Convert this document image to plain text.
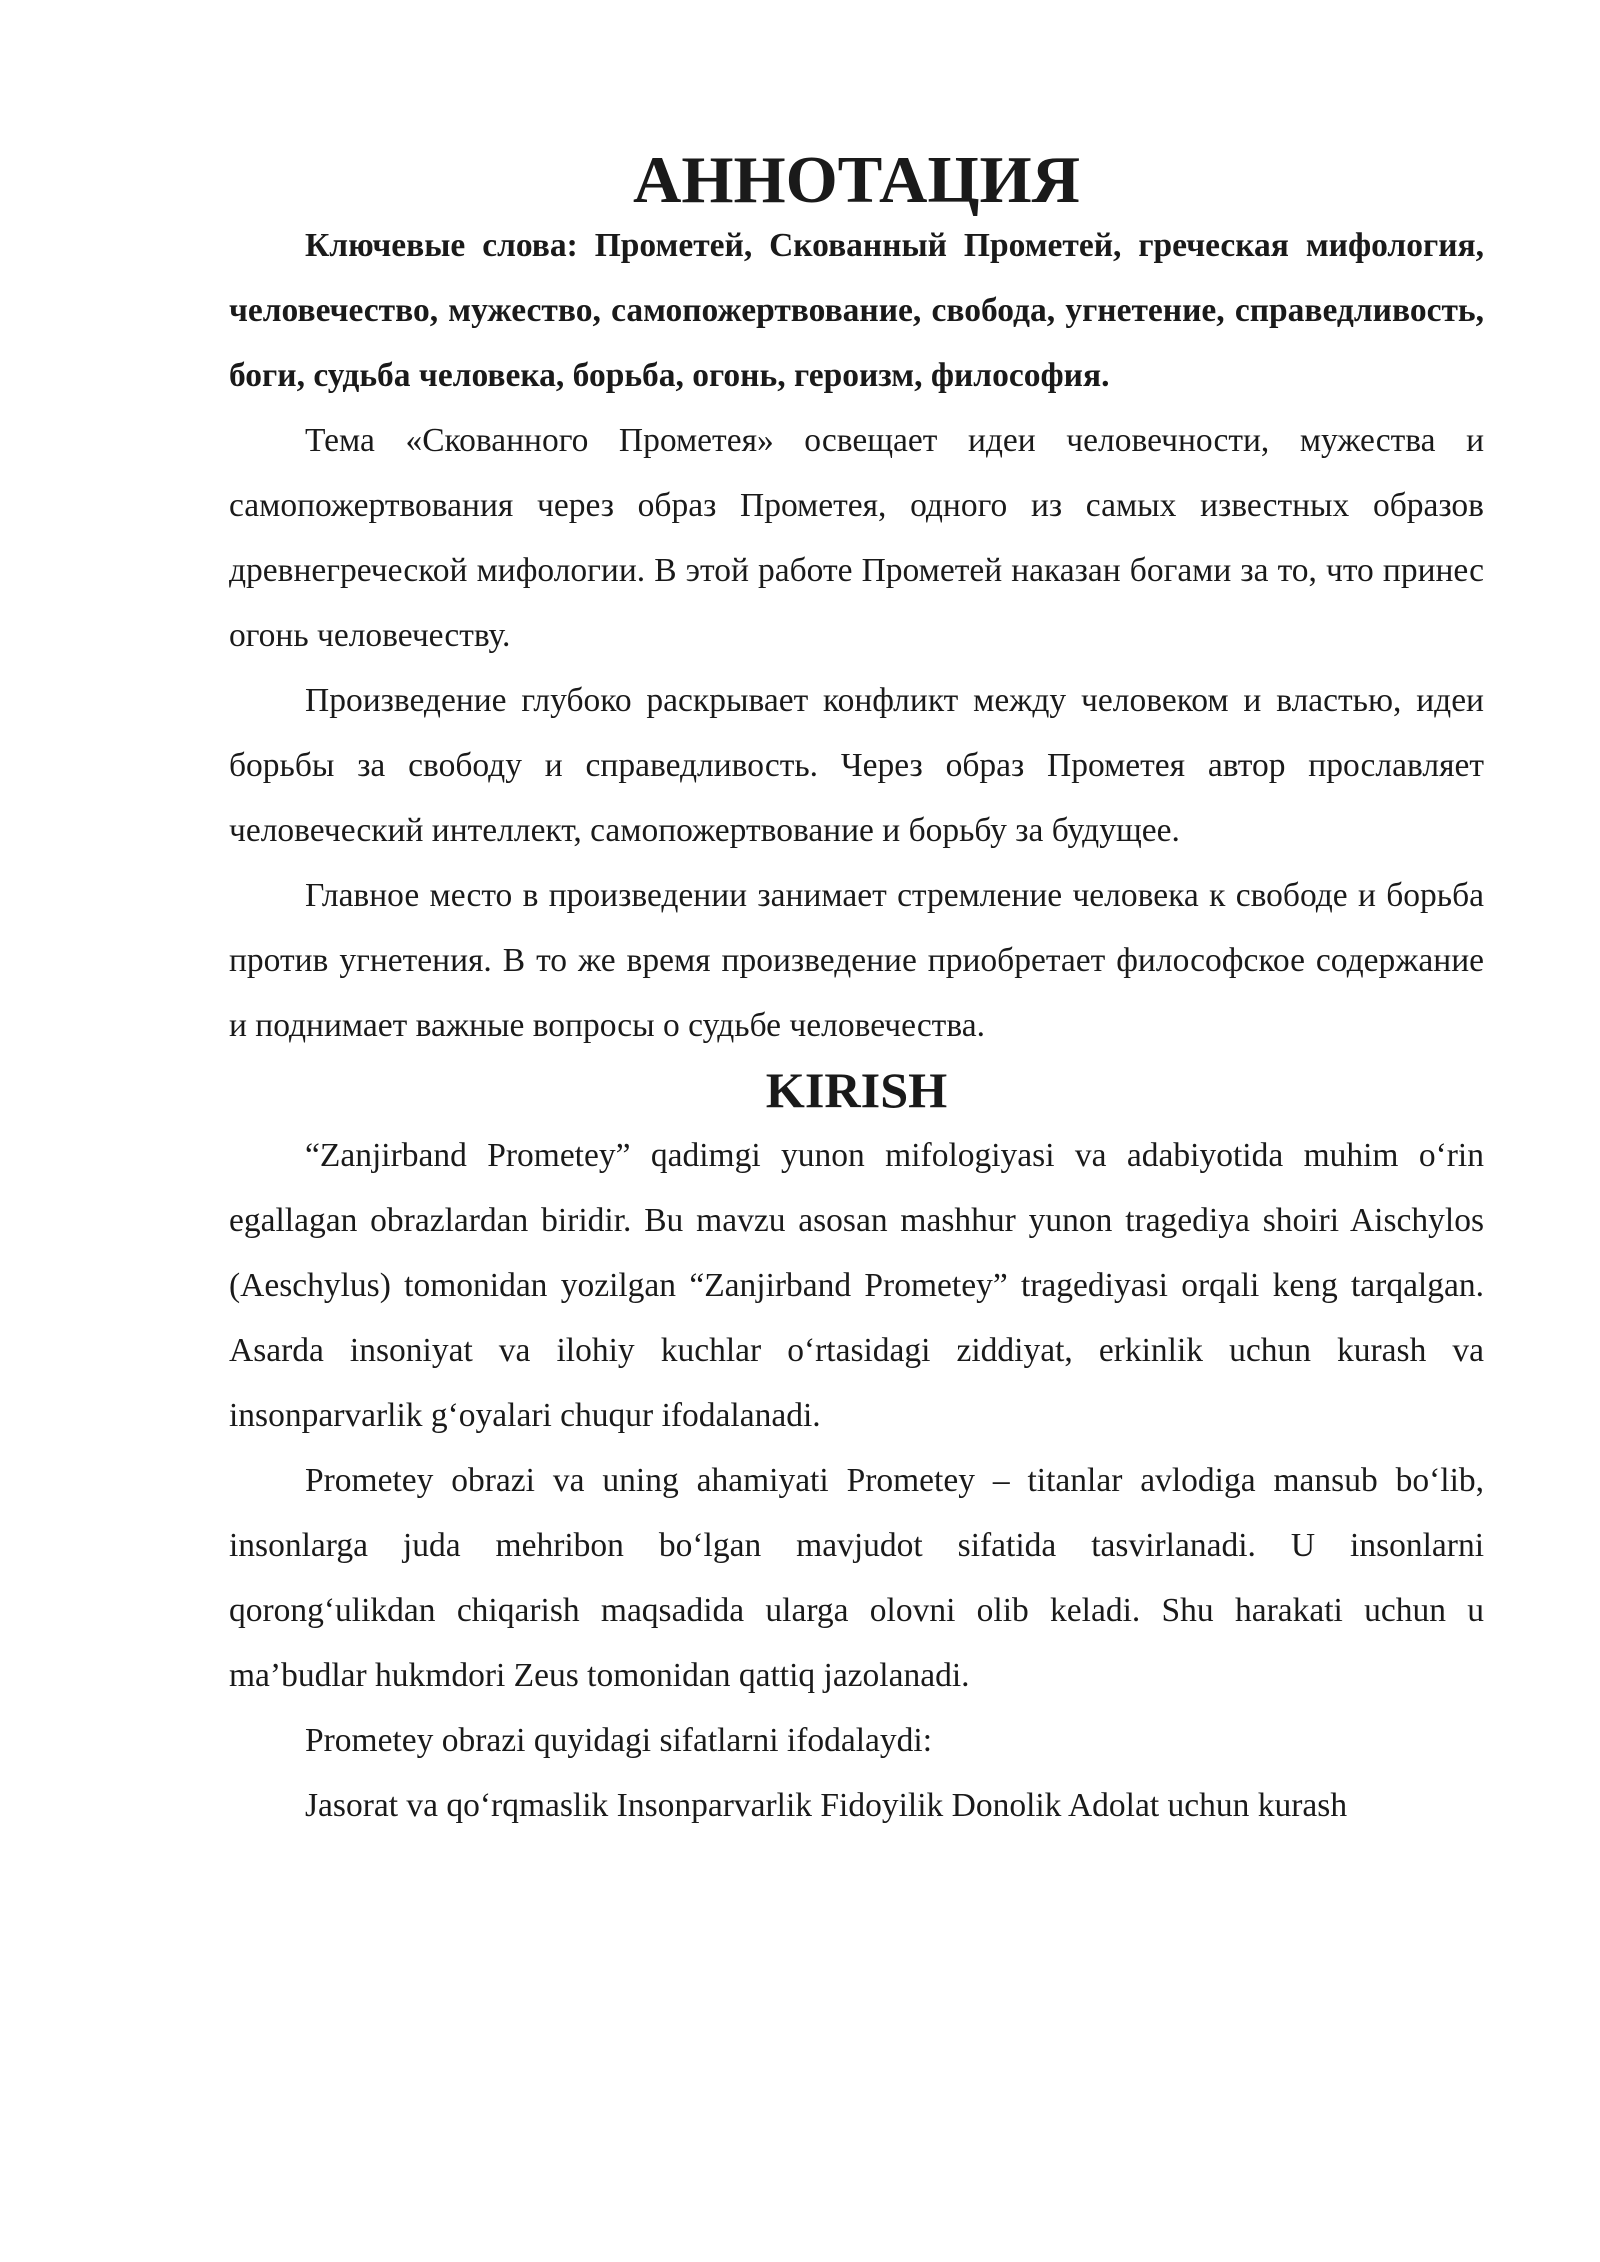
АННОТАЦИЯ

Ключевые слова: Прометей, Скованный Прометей, греческая мифология, человечество, мужество, самопожертвование, свобода, угнетение, справедливость, боги, судьба человека, борьба, огонь, героизм, философия.

Тема «Скованного Прометея» освещает идеи человечности, мужества и самопожертвования через образ Прометея, одного из самых известных образов древнегреческой мифологии. В этой работе Прометей наказан богами за то, что принес огонь человечеству.

Произведение глубоко раскрывает конфликт между человеком и властью, идеи борьбы за свободу и справедливость. Через образ Прометея автор прославляет человеческий интеллект, самопожертвование и борьбу за будущее.

Главное место в произведении занимает стремление человека к свободе и борьба против угнетения. В то же время произведение приобретает философское содержание и поднимает важные вопросы о судьбе человечества.

KIRISH

“Zanjirband Prometey” qadimgi yunon mifologiyasi va adabiyotida muhim o‘rin egallagan obrazlardan biridir. Bu mavzu asosan mashhur yunon tragediya shoiri Aischylos (Aeschylus) tomonidan yozilgan “Zanjirband Prometey” tragediyasi orqali keng tarqalgan. Asarda insoniyat va ilohiy kuchlar o‘rtasidagi ziddiyat, erkinlik uchun kurash va insonparvarlik g‘oyalari chuqur ifodalanadi.

Prometey obrazi va uning ahamiyati Prometey – titanlar avlodiga mansub bo‘lib, insonlarga juda mehribon bo‘lgan mavjudot sifatida tasvirlanadi. U insonlarni qorong‘ulikdan chiqarish maqsadida ularga olovni olib keladi. Shu harakati uchun u ma’budlar hukmdori Zeus tomonidan qattiq jazolanadi.

Prometey obrazi quyidagi sifatlarni ifodalaydi:

Jasorat va qo‘rqmaslik Insonparvarlik Fidoyilik Donolik Adolat uchun kurash
